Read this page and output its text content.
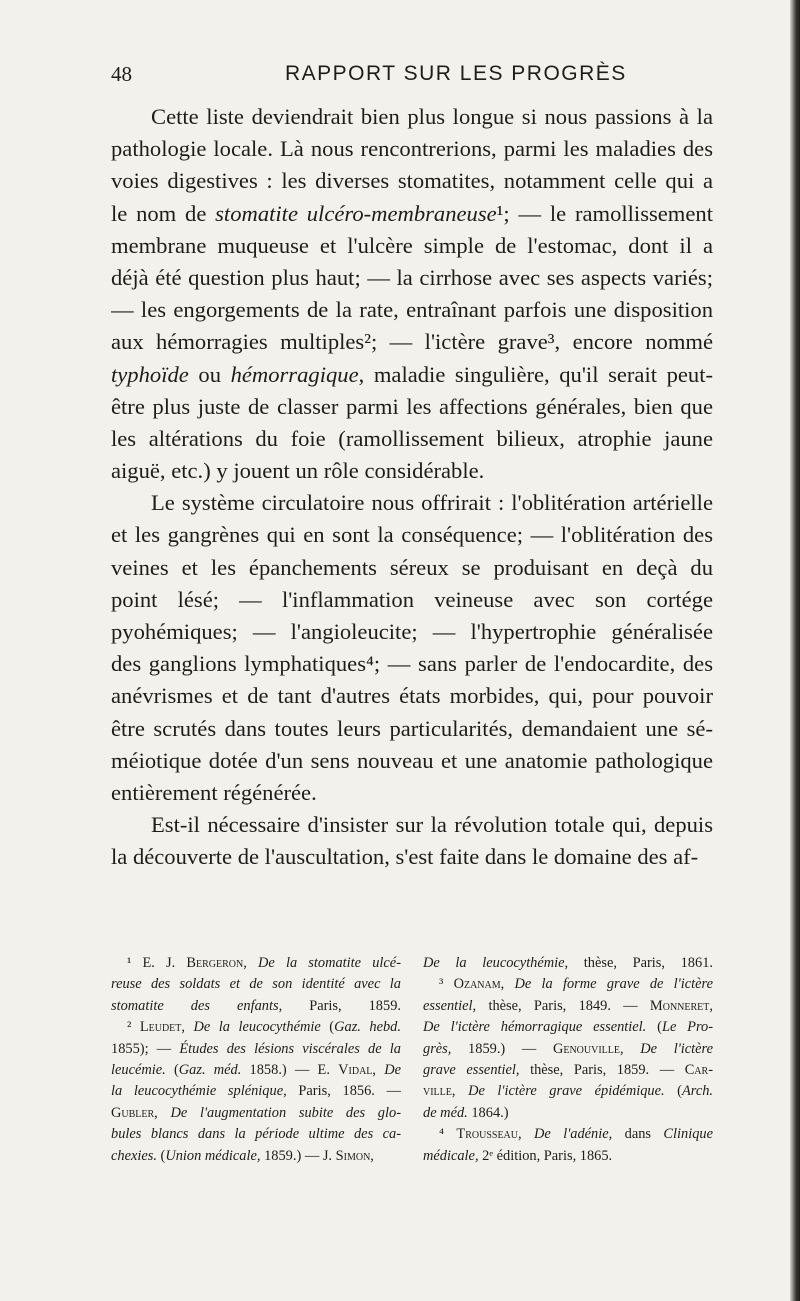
48	RAPPORT SUR LES PROGRÈS
Cette liste deviendrait bien plus longue si nous passions à la
pathologie locale. Là nous rencontrerions, parmi les maladies des
voies digestives : les diverses stomatites, notamment celle qui a
le nom de stomatite ulcéro-membraneuse¹; — le ramollissement
membrane muqueuse et l'ulcère simple de l'estomac, dont il a
déjà été question plus haut; — la cirrhose avec ses aspects variés;
— les engorgements de la rate, entraînant parfois une disposition
aux hémorragies multiples²; — l'ictère grave³, encore nommé
typhoïde ou hémorragique, maladie singulière, qu'il serait peut-
être plus juste de classer parmi les affections générales, bien que
les altérations du foie (ramollissement bilieux, atrophie jaune
aiguë, etc.) y jouent un rôle considérable.
Le système circulatoire nous offrirait : l'oblitération artérielle
et les gangrènes qui en sont la conséquence; — l'oblitération des
veines et les épanchements séreux se produisant en deçà du
point lésé; — l'inflammation veineuse avec son cortége
pyohémiques; — l'angioleucite; — l'hypertrophie généralisée
des ganglions lymphatiques⁴; — sans parler de l'endocardite, des
anévrismes et de tant d'autres états morbides, qui, pour pouvoir
être scrutés dans toutes leurs particularités, demandaient une sé-
méiotique dotée d'un sens nouveau et une anatomie pathologique
entièrement régénérée.
Est-il nécessaire d'insister sur la révolution totale qui, depuis
la découverte de l'auscultation, s'est faite dans le domaine des af-
¹ E. J. Bergeron, De la stomatite ulcé-
reuse des soldats et de son identité avec la
stomatite des enfants, Paris, 1859.
² Leudet, De la leucocythémie (Gaz. hebd.
1855); — Études des lésions viscérales de la
leucémie. (Gaz. méd. 1858.) — E. Vidal, De
la leucocythémie splénique, Paris, 1856. —
Gubler, De l'augmentation subite des glo-
bules blancs dans la période ultime des ca-
chexies. (Union médicale, 1859.) — J. Simon,
De la leucocythémie, thèse, Paris, 1861.
³ Ozanam, De la forme grave de l'ictère
essentiel, thèse, Paris, 1849. — Monneret,
De l'ictère hémorragique essentiel. (Le Pro-
grès, 1859.) — Genouville, De l'ictère
grave essentiel, thèse, Paris, 1859. — Car-
ville, De l'ictère grave épidémique. (Arch.
de méd. 1864.)
⁴ Trousseau, De l'adénie, dans Clinique
médicale, 2ᵉ édition, Paris, 1865.
